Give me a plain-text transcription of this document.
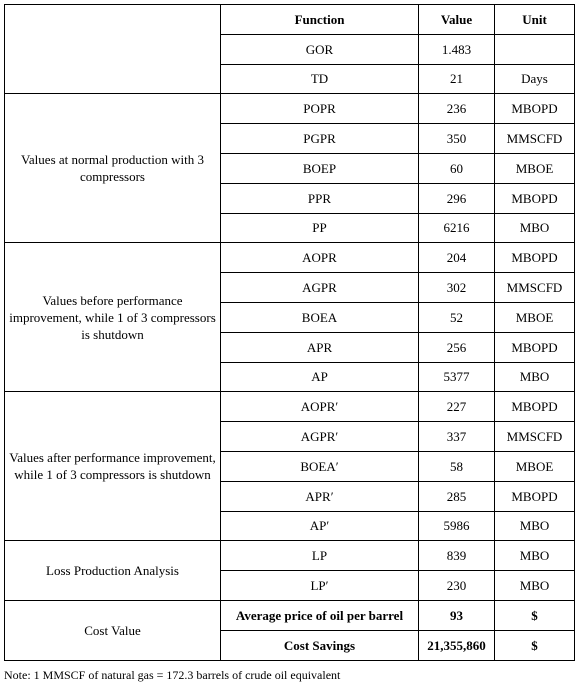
	Function	Value	Unit
	GOR	1.483	
	TD	21	Days
Values at normal production with 3 compressors	POPR	236	MBOPD
	PGPR	350	MMSCFD
	BOEP	60	MBOE
	PPR	296	MBOPD
	PP	6216	MBO
Values before performance improvement, while 1 of 3 compressors is shutdown	AOPR	204	MBOPD
	AGPR	302	MMSCFD
	BOEA	52	MBOE
	APR	256	MBOPD
	AP	5377	MBO
Values after performance improvement, while 1 of 3 compressors is shutdown	AOPR′	227	MBOPD
	AGPR′	337	MMSCFD
	BOEA′	58	MBOE
	APR′	285	MBOPD
	AP′	5986	MBO
Loss Production Analysis	LP	839	MBO
	LP′	230	MBO
Cost Value	Average price of oil per barrel	93	$
	Cost Savings	21,355,860	$
Note: 1 MMSCF of natural gas = 172.3 barrels of crude oil equivalent
